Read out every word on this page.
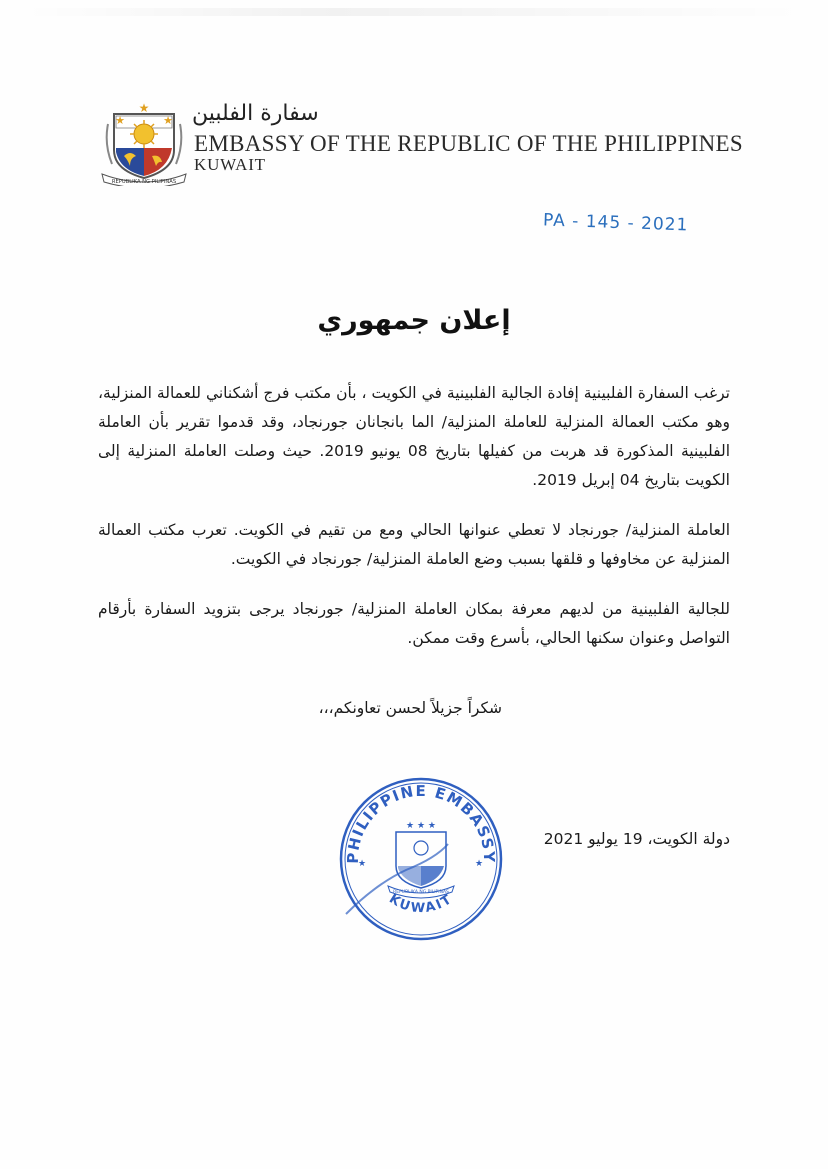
★
★	★
REPUBLIKA NG PILIPINAS
سفارة الفلبين
EMBASSY OF THE REPUBLIC OF THE PHILIPPINES
KUWAIT
PA - 145 - 2021
إعلان جمهوري
ترغب السفارة الفلبينية إفادة الجالية الفلبينية في الكويت ، بأن مكتب فرج أشكناني للعمالة المنزلية، وهو مكتب العمالة المنزلية للعاملة المنزلية/ الما بانجانان جورنجاد، وقد قدموا تقرير بأن العاملة الفلبينية المذكورة قد هربت من كفيلها بتاريخ 08 يونيو 2019. حيث وصلت العاملة المنزلية إلى الكويت بتاريخ 04 إبريل 2019.
العاملة المنزلية/ جورنجاد لا تعطي عنوانها الحالي ومع من تقيم في الكويت. تعرب مكتب العمالة المنزلية عن مخاوفها و قلقها بسبب وضع العاملة المنزلية/ جورنجاد في الكويت.
للجالية الفلبينية من لديهم معرفة بمكان العاملة المنزلية/ جورنجاد يرجى بتزويد السفارة بأرقام التواصل وعنوان سكنها الحالي، بأسرع وقت ممكن.
شكراً جزيلاً لحسن تعاونكم،،،
دولة الكويت، 19 يوليو 2021
PHILIPPINE EMBASSY
KUWAIT
★	★
★ ★ ★
REPUBLIKA NG PILIPINAS
